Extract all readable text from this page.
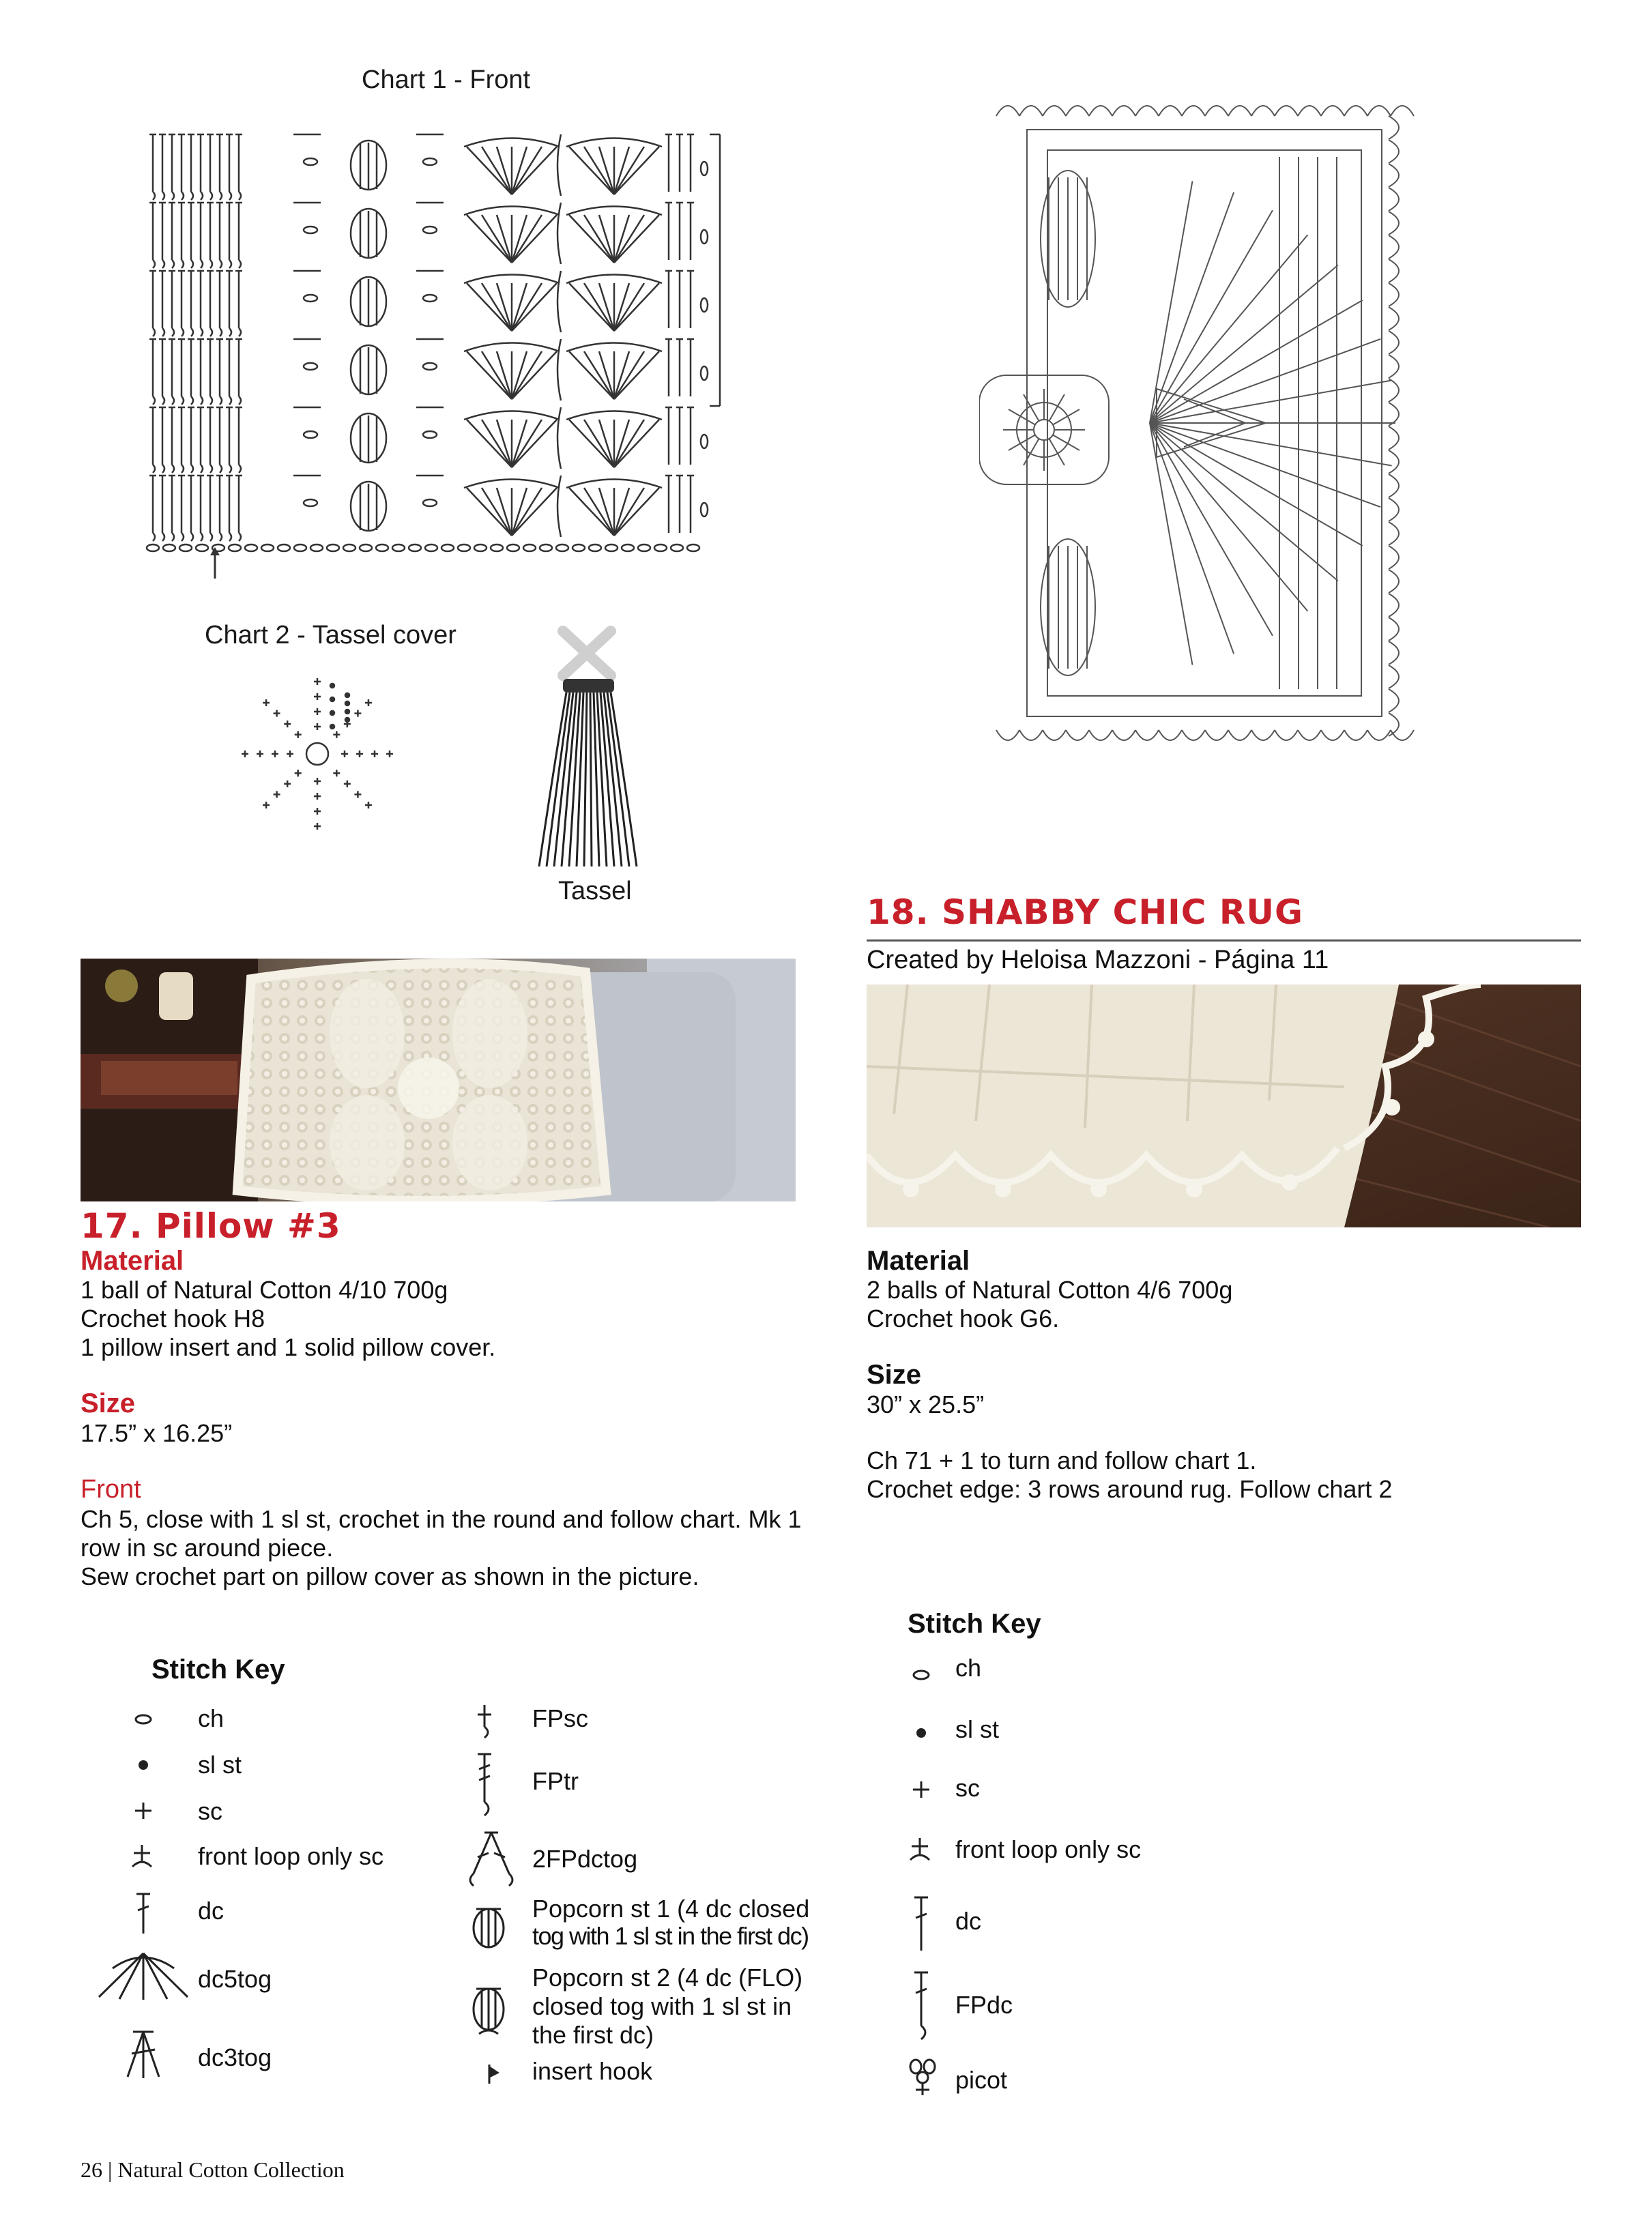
Chart 1 - Front
Chart 2 - Tassel cover
Tassel
18. SHABBY CHIC RUG
Created by Heloisa Mazzoni - Página 11
17. Pillow #3
Material
1 ball of Natural Cotton 4/10 700g
Crochet hook H8
1 pillow insert and 1 solid pillow cover.
Size
17.5” x 16.25”
Front
Ch 5, close with 1 sl st, crochet in the round and follow chart. Mk 1
row in sc around piece.
Sew crochet part on pillow cover as shown in the picture.
Material
2 balls of Natural Cotton 4/6 700g
Crochet hook G6.
Size
30” x 25.5”
Ch 71 + 1 to turn and follow chart 1.
Crochet edge: 3 rows around rug. Follow chart 2
Stitch Key
ch
sl st
sc
front loop only sc
dc
dc5tog
dc3tog
FPsc
FPtr
2FPdctog
Popcorn st 1 (4 dc closed
tog with 1 sl st in the first dc)
Popcorn st 2 (4 dc (FLO)
closed tog with 1 sl st in
the first dc)
insert hook
Stitch Key
ch
sl st
sc
front loop only sc
dc
FPdc
picot
26 | Natural Cotton Collection
